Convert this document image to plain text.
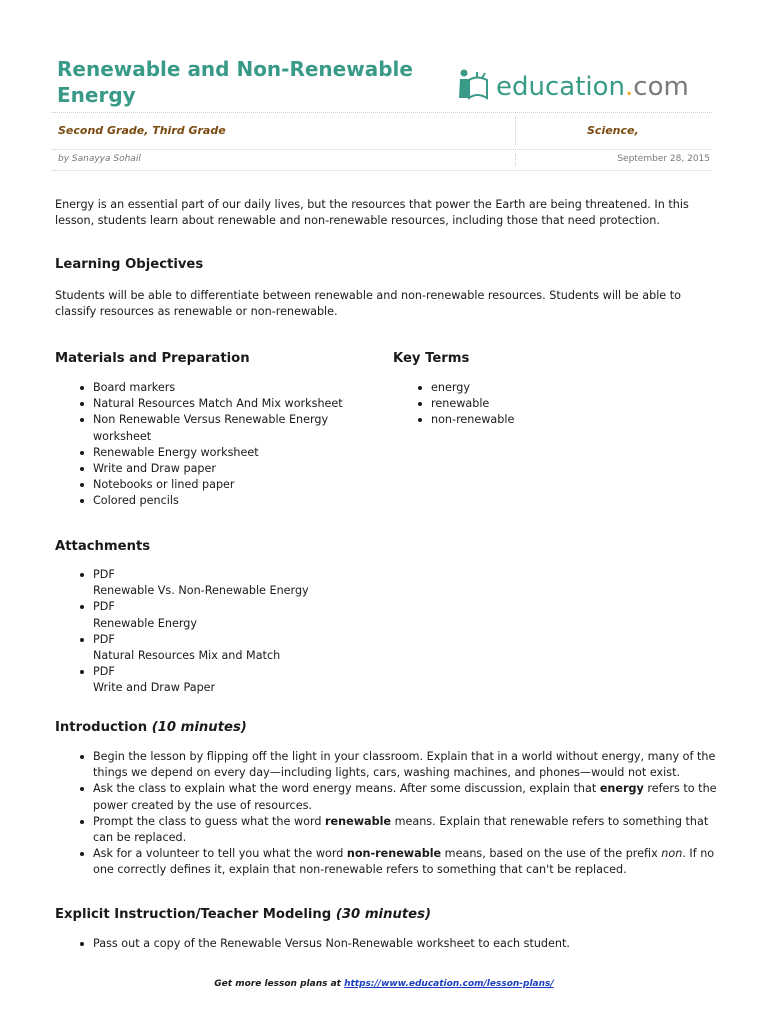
Renewable and Non-Renewable Energy	education.com
Second Grade, Third Grade	Science,
by Sanayya Sohail	September 28, 2015

Energy is an essential part of our daily lives, but the resources that power the Earth are being threatened. In this lesson, students learn about renewable and non-renewable resources, including those that need protection.

Learning Objectives

Students will be able to differentiate between renewable and non-renewable resources. Students will be able to classify resources as renewable or non-renewable.

Materials and Preparation
Board markers
Natural Resources Match And Mix worksheet
Non Renewable Versus Renewable Energy worksheet
Renewable Energy worksheet
Write and Draw paper
Notebooks or lined paper
Colored pencils
Key Terms
energy
renewable
non-renewable
Attachments
PDF
Renewable Vs. Non-Renewable Energy
PDF
Renewable Energy
PDF
Natural Resources Mix and Match
PDF
Write and Draw Paper
Introduction (10 minutes)
Begin the lesson by flipping off the light in your classroom. Explain that in a world without energy, many of the things we depend on every day—including lights, cars, washing machines, and phones—would not exist.
Ask the class to explain what the word energy means. After some discussion, explain that energy refers to the power created by the use of resources.
Prompt the class to guess what the word renewable means. Explain that renewable refers to something that can be replaced.
Ask for a volunteer to tell you what the word non-renewable means, based on the use of the prefix non. If no one correctly defines it, explain that non-renewable refers to something that can't be replaced.
Explicit Instruction/Teacher Modeling (30 minutes)
Pass out a copy of the Renewable Versus Non-Renewable worksheet to each student.
Get more lesson plans at https://www.education.com/lesson-plans/
